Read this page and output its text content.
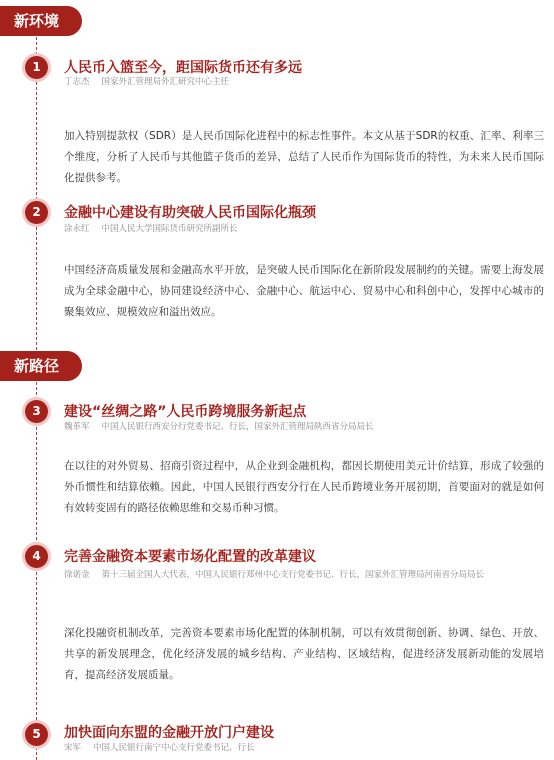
新环境
1	人民币入篮至今，距国际货币还有多远
丁志杰 国家外汇管理局外汇研究中心主任
加入特别提款权（SDR）是人民币国际化进程中的标志性事件。本文从基于SDR的权重、汇率、利率三个维度，分析了人民币与其他篮子货币的差异，总结了人民币作为国际货币的特性，为未来人民币国际化提供参考。
2	金融中心建设有助突破人民币国际化瓶颈
涂永红 中国人民大学国际货币研究所副所长
中国经济高质量发展和金融高水平开放，是突破人民币国际化在新阶段发展制约的关键。需要上海发展成为全球金融中心，协同建设经济中心、金融中心、航运中心、贸易中心和科创中心，发挥中心城市的聚集效应、规模效应和溢出效应。
新路径
3	建设“丝绸之路”人民币跨境服务新起点
魏革军 中国人民银行西安分行党委书记、行长，国家外汇管理局陕西省分局局长
在以往的对外贸易、招商引资过程中，从企业到金融机构，都因长期使用美元计价结算，形成了较强的外币惯性和结算依赖。因此，中国人民银行西安分行在人民币跨境业务开展初期，首要面对的就是如何有效转变固有的路径依赖思维和交易币种习惯。
4	完善金融资本要素市场化配置的改革建议
徐诺金 第十三届全国人大代表，中国人民银行郑州中心支行党委书记、行长，国家外汇管理局河南省分局局长
深化投融资机制改革，完善资本要素市场化配置的体制机制，可以有效贯彻创新、协调、绿色、开放、共享的新发展理念，优化经济发展的城乡结构、产业结构、区域结构，促进经济发展新动能的发展培育，提高经济发展质量。
5	加快面向东盟的金融开放门户建设
宋军 中国人民银行南宁中心支行党委书记、行长
